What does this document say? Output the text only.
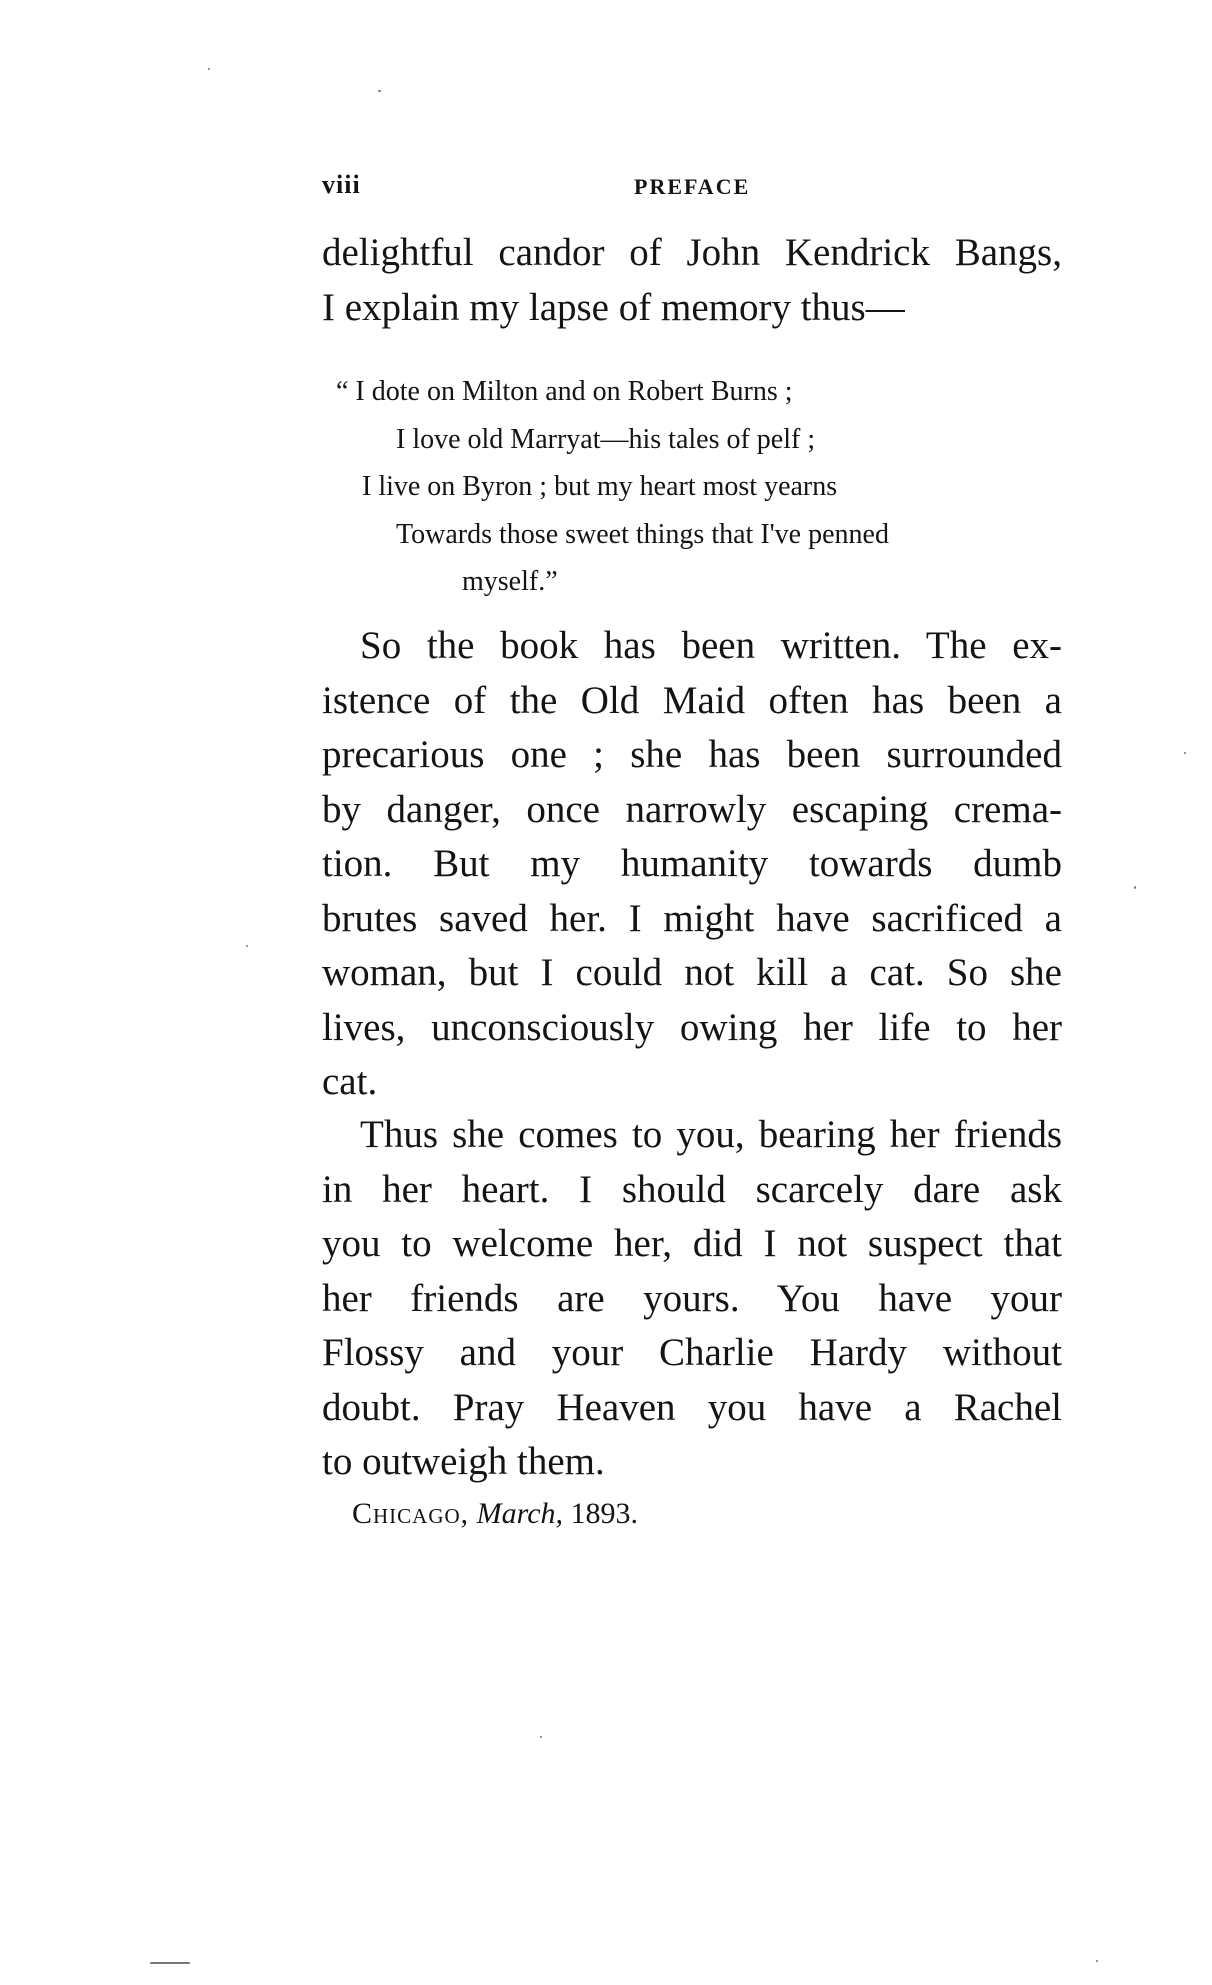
viii	PREFACE
delightful candor of John Kendrick Bangs,
I explain my lapse of memory thus—
“ I dote on Milton and on Robert Burns ;
I love old Marryat—his tales of pelf ;
I live on Byron ; but my heart most yearns
Towards those sweet things that I've penned
myself.”
So the book has been written. The ex-
istence of the Old Maid often has been a
precarious one ; she has been surrounded
by danger, once narrowly escaping crema-
tion. But my humanity towards dumb
brutes saved her. I might have sacrificed a
woman, but I could not kill a cat. So she
lives, unconsciously owing her life to her
cat.
Thus she comes to you, bearing her friends
in her heart. I should scarcely dare ask
you to welcome her, did I not suspect that
her friends are yours. You have your
Flossy and your Charlie Hardy without
doubt. Pray Heaven you have a Rachel
to outweigh them.
Chicago, March, 1893.
